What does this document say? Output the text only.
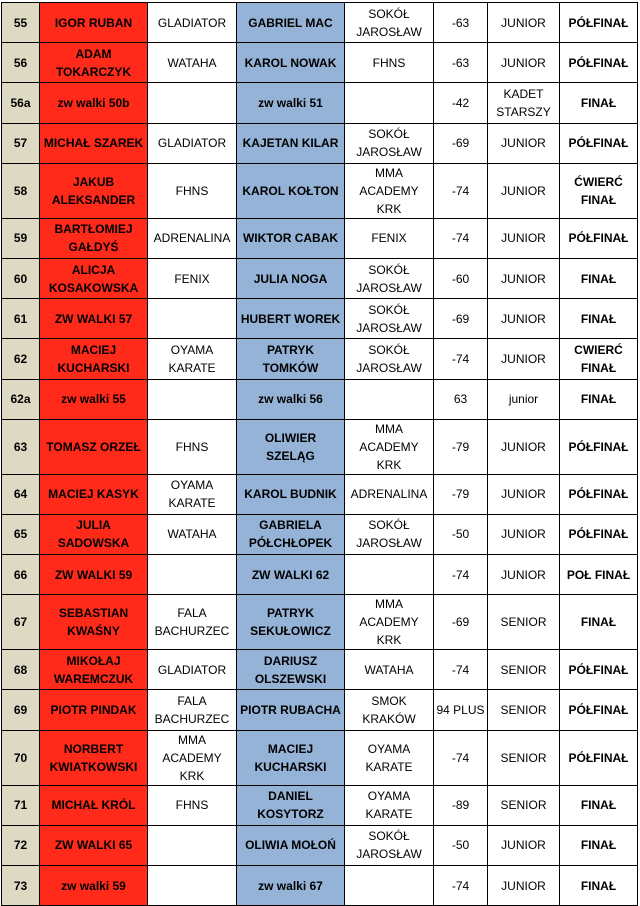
55	IGOR RUBAN	GLADIATOR	GABRIEL MAC	SOKÓŁ JAROSŁAW	-63	JUNIOR	PÓŁFINAŁ
56	ADAM TOKARCZYK	WATAHA	KAROL NOWAK	FHNS	-63	JUNIOR	PÓŁFINAŁ
56a	zw walki 50b		zw walki 51		-42	KADET STARSZY	FINAŁ
57	MICHAŁ SZAREK	GLADIATOR	KAJETAN KILAR	SOKÓŁ JAROSŁAW	-69	JUNIOR	PÓŁFINAŁ
58	JAKUB ALEKSANDER	FHNS	KAROL KOŁTON	MMA ACADEMY KRK	-74	JUNIOR	ĆWIERĆ FINAŁ
59	BARTŁOMIEJ GAŁDYŚ	ADRENALINA	WIKTOR CABAK	FENIX	-74	JUNIOR	PÓŁFINAŁ
60	ALICJA KOSAKOWSKA	FENIX	JULIA NOGA	SOKÓŁ JAROSŁAW	-60	JUNIOR	FINAŁ
61	ZW WALKI 57		HUBERT WOREK	SOKÓŁ JAROSŁAW	-69	JUNIOR	FINAŁ
62	MACIEJ KUCHARSKI	OYAMA KARATE	PATRYK TOMKÓW	SOKÓŁ JAROSŁAW	-74	JUNIOR	CWIERĆ FINAŁ
62a	zw walki 55		zw walki 56		63	junior	FINAŁ
63	TOMASZ ORZEŁ	FHNS	OLIWIER SZELĄG	MMA ACADEMY KRK	-79	JUNIOR	PÓŁFINAŁ
64	MACIEJ KASYK	OYAMA KARATE	KAROL BUDNIK	ADRENALINA	-79	JUNIOR	PÓŁFINAŁ
65	JULIA SADOWSKA	WATAHA	GABRIELA PÓŁCHŁOPEK	SOKÓŁ JAROSŁAW	-50	JUNIOR	PÓŁFINAŁ
66	ZW WALKI 59		ZW WALKI 62		-74	JUNIOR	POŁ FINAŁ
67	SEBASTIAN KWAŚNY	FALA BACHURZEC	PATRYK SEKUŁOWICZ	MMA ACADEMY KRK	-69	SENIOR	FINAŁ
68	MIKOŁAJ WAREMCZUK	GLADIATOR	DARIUSZ OLSZEWSKI	WATAHA	-74	SENIOR	PÓŁFINAŁ
69	PIOTR PINDAK	FALA BACHURZEC	PIOTR RUBACHA	SMOK KRAKÓW	94 PLUS	SENIOR	PÓŁFINAŁ
70	NORBERT KWIATKOWSKI	MMA ACADEMY KRK	MACIEJ KUCHARSKI	OYAMA KARATE	-74	SENIOR	PÓŁFINAŁ
71	MICHAŁ KRÓL	FHNS	DANIEL KOSYTORZ	OYAMA KARATE	-89	SENIOR	FINAŁ
72	ZW WALKI 65		OLIWIA MOŁOŃ	SOKÓŁ JAROSŁAW	-50	JUNIOR	FINAŁ
73	zw walki 59		zw walki 67		-74	JUNIOR	FINAŁ
